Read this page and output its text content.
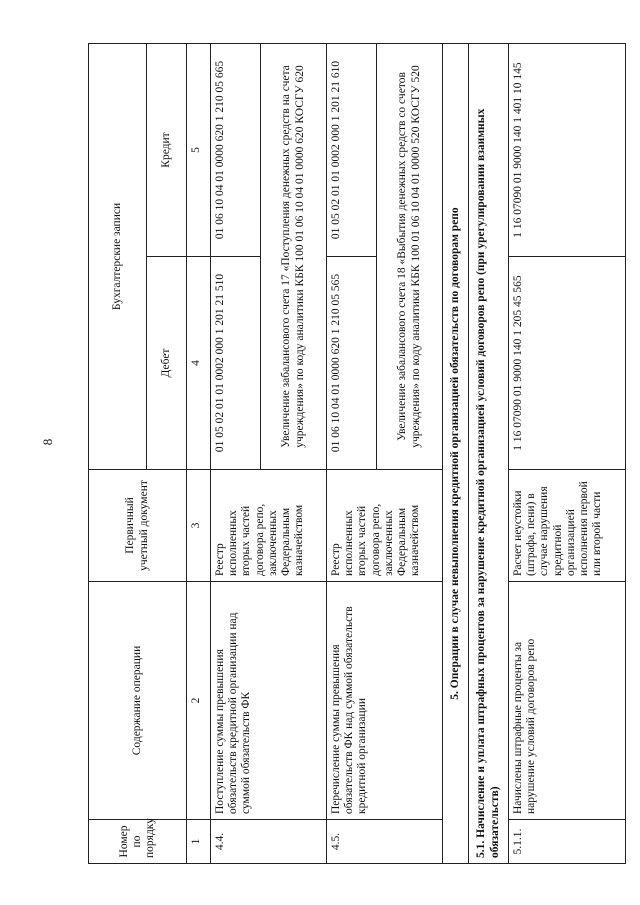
8
Номер по порядку	Содержание операции	Первичный учетный документ	Бухгалтерские записи	
			Дебет	Кредит
1	2	3	4	5
4.4.	Поступление суммы превышения обязательств кредитной организации над суммой обязательств ФК	Реестр исполненных вторых частей договора репо, заключенных Федеральным казначейством	01 05 02 01 01 0002 000 1 201 21 510	01 06 10 04 01 0000 620 1 210 05 665
			Увеличение забалансового счета 17 «Поступления денежных средств на счета учреждения» по коду аналитики КБК 100 01 06 10 04 01 0000 620 КОСГУ 620	
4.5.	Перечисление суммы превышения обязательств ФК над суммой обязательств кредитной организации	Реестр исполненных вторых частей договора репо, заключенных Федеральным казначейством	01 06 10 04 01 0000 620 1 210 05 565	01 05 02 01 01 0002 000 1 201 21 610
			Увеличение забалансового счета 18 «Выбытия денежных средств со счетов учреждения» по коду аналитики КБК 100 01 06 10 04 01 0000 520 КОСГУ 520	
5. Операции в случае невыполнения кредитной организацией обязательств по договорам репо				
5.1. Начисление и уплата штрафных процентов за нарушение кредитной организацией условий договоров репо (при урегулировании взаимных обязательств)				
5.1.1.	Начислены штрафные проценты за нарушение условий договоров репо	Расчет неустойки (штрафа, пени) в случае нарушения кредитной организацией исполнения первой или второй части	1 16 07090 01 9000 140 1 205 45 565	1 16 07090 01 9000 140 1 401 10 145
